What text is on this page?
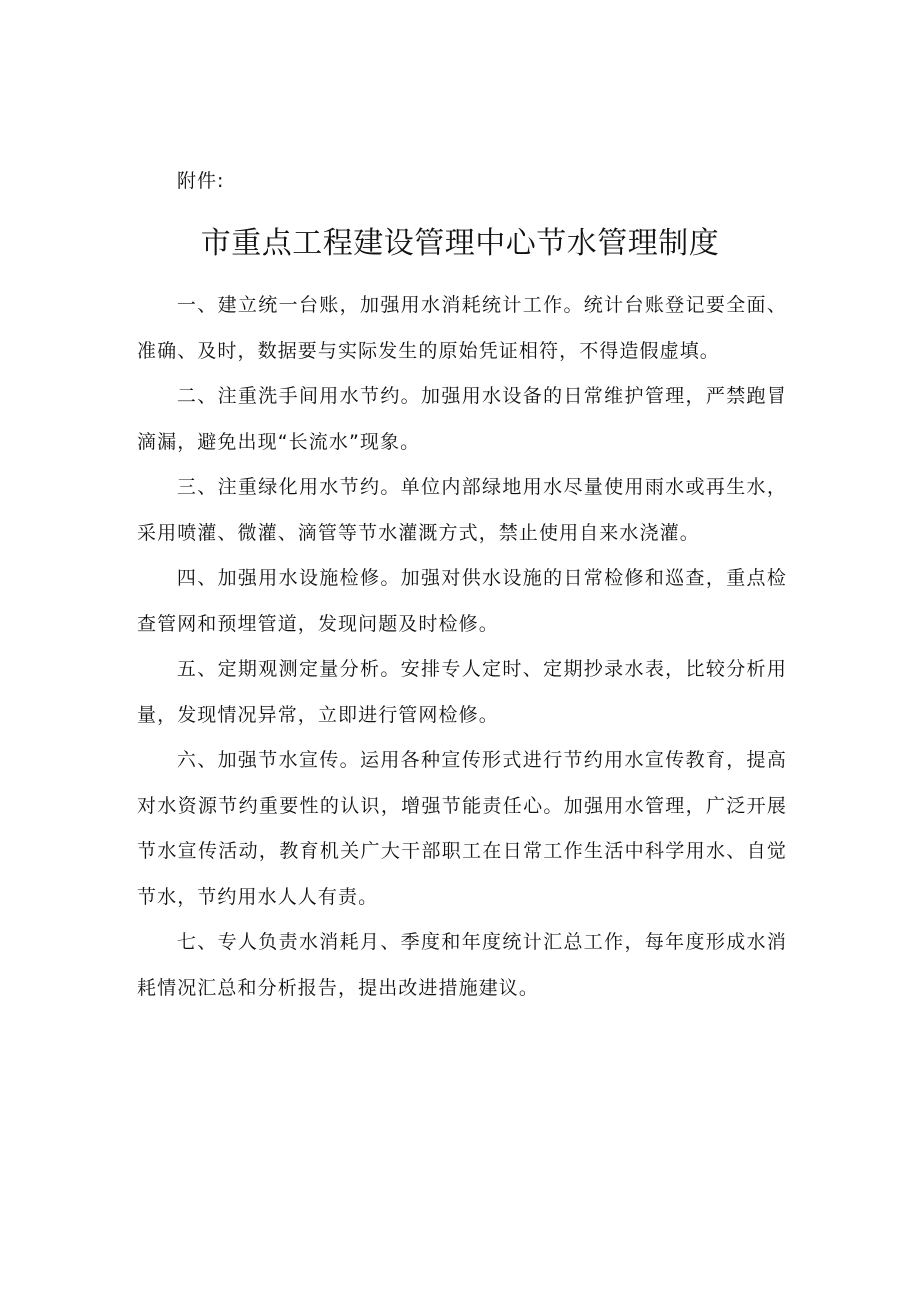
附件:
市重点工程建设管理中心节水管理制度

一、建立统一台账，加强用水消耗统计工作。统计台账登记要全面、准确、及时，数据要与实际发生的原始凭证相符，不得造假虚填。

二、注重洗手间用水节约。加强用水设备的日常维护管理，严禁跑冒滴漏，避免出现“长流水”现象。

三、注重绿化用水节约。单位内部绿地用水尽量使用雨水或再生水，采用喷灌、微灌、滴管等节水灌溉方式，禁止使用自来水浇灌。

四、加强用水设施检修。加强对供水设施的日常检修和巡查，重点检查管网和预埋管道，发现问题及时检修。

五、定期观测定量分析。安排专人定时、定期抄录水表，比较分析用量，发现情况异常，立即进行管网检修。

六、加强节水宣传。运用各种宣传形式进行节约用水宣传教育，提高对水资源节约重要性的认识，增强节能责任心。加强用水管理，广泛开展节水宣传活动，教育机关广大干部职工在日常工作生活中科学用水、自觉节水，节约用水人人有责。

七、专人负责水消耗月、季度和年度统计汇总工作，每年度形成水消耗情况汇总和分析报告，提出改进措施建议。
